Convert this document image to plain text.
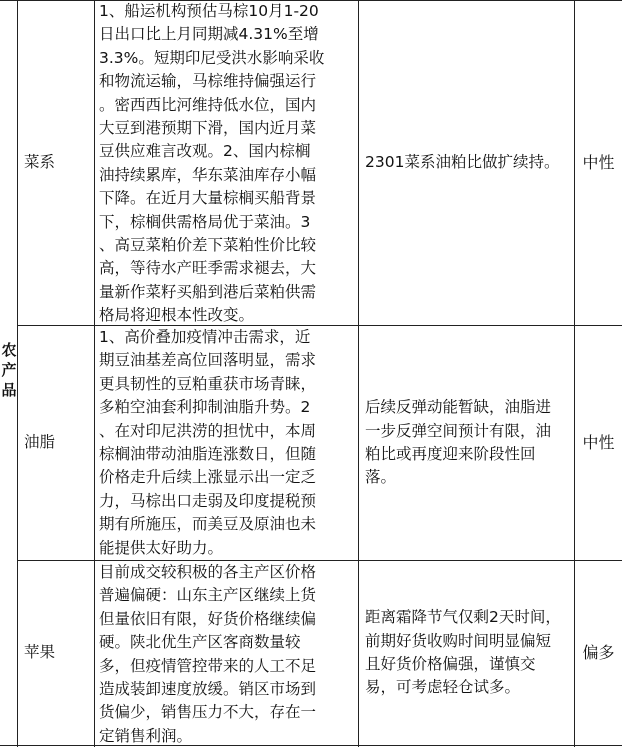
农
产
品
菜系
1、船运机构预估马棕10月1-20
日出口比上月同期减4.31%至增
3.3%。短期印尼受洪水影响采收
和物流运输，马棕维持偏强运行
。密西西比河维持低水位，国内
大豆到港预期下滑，国内近月菜
豆供应难言改观。2、国内棕榈
油持续累库，华东菜油库存小幅
下降。在近月大量棕榈买船背景
下，棕榈供需格局优于菜油。3
、高豆菜粕价差下菜粕性价比较
高，等待水产旺季需求褪去，大
量新作菜籽买船到港后菜粕供需
格局将迎根本性改变。
2301菜系油粕比做扩续持。 中性
油脂
1、高价叠加疫情冲击需求，近
期豆油基差高位回落明显，需求
更具韧性的豆粕重获市场青睐，
多粕空油套利抑制油脂升势。2
、在对印尼洪涝的担忧中，本周
棕榈油带动油脂连涨数日，但随
价格走升后续上涨显示出一定乏
力，马棕出口走弱及印度提税预
期有所施压，而美豆及原油也未
能提供太好助力。
后续反弹动能暂缺，油脂进一步反弹空间预计有限，油粕比或再度迎来阶段性回落。
中性
苹果
目前成交较积极的各主产区价格
普遍偏硬：山东主产区继续上货
但量依旧有限，好货价格继续偏
硬。陕北优生产区客商数量较
多，但疫情管控带来的人工不足
造成装卸速度放缓。销区市场到
货偏少，销售压力不大，存在一
定销售利润。
距离霜降节气仅剩2天时间，前期好货收购时间明显偏短且好货价格偏强，谨慎交易，可考虑轻仓试多。
偏多
